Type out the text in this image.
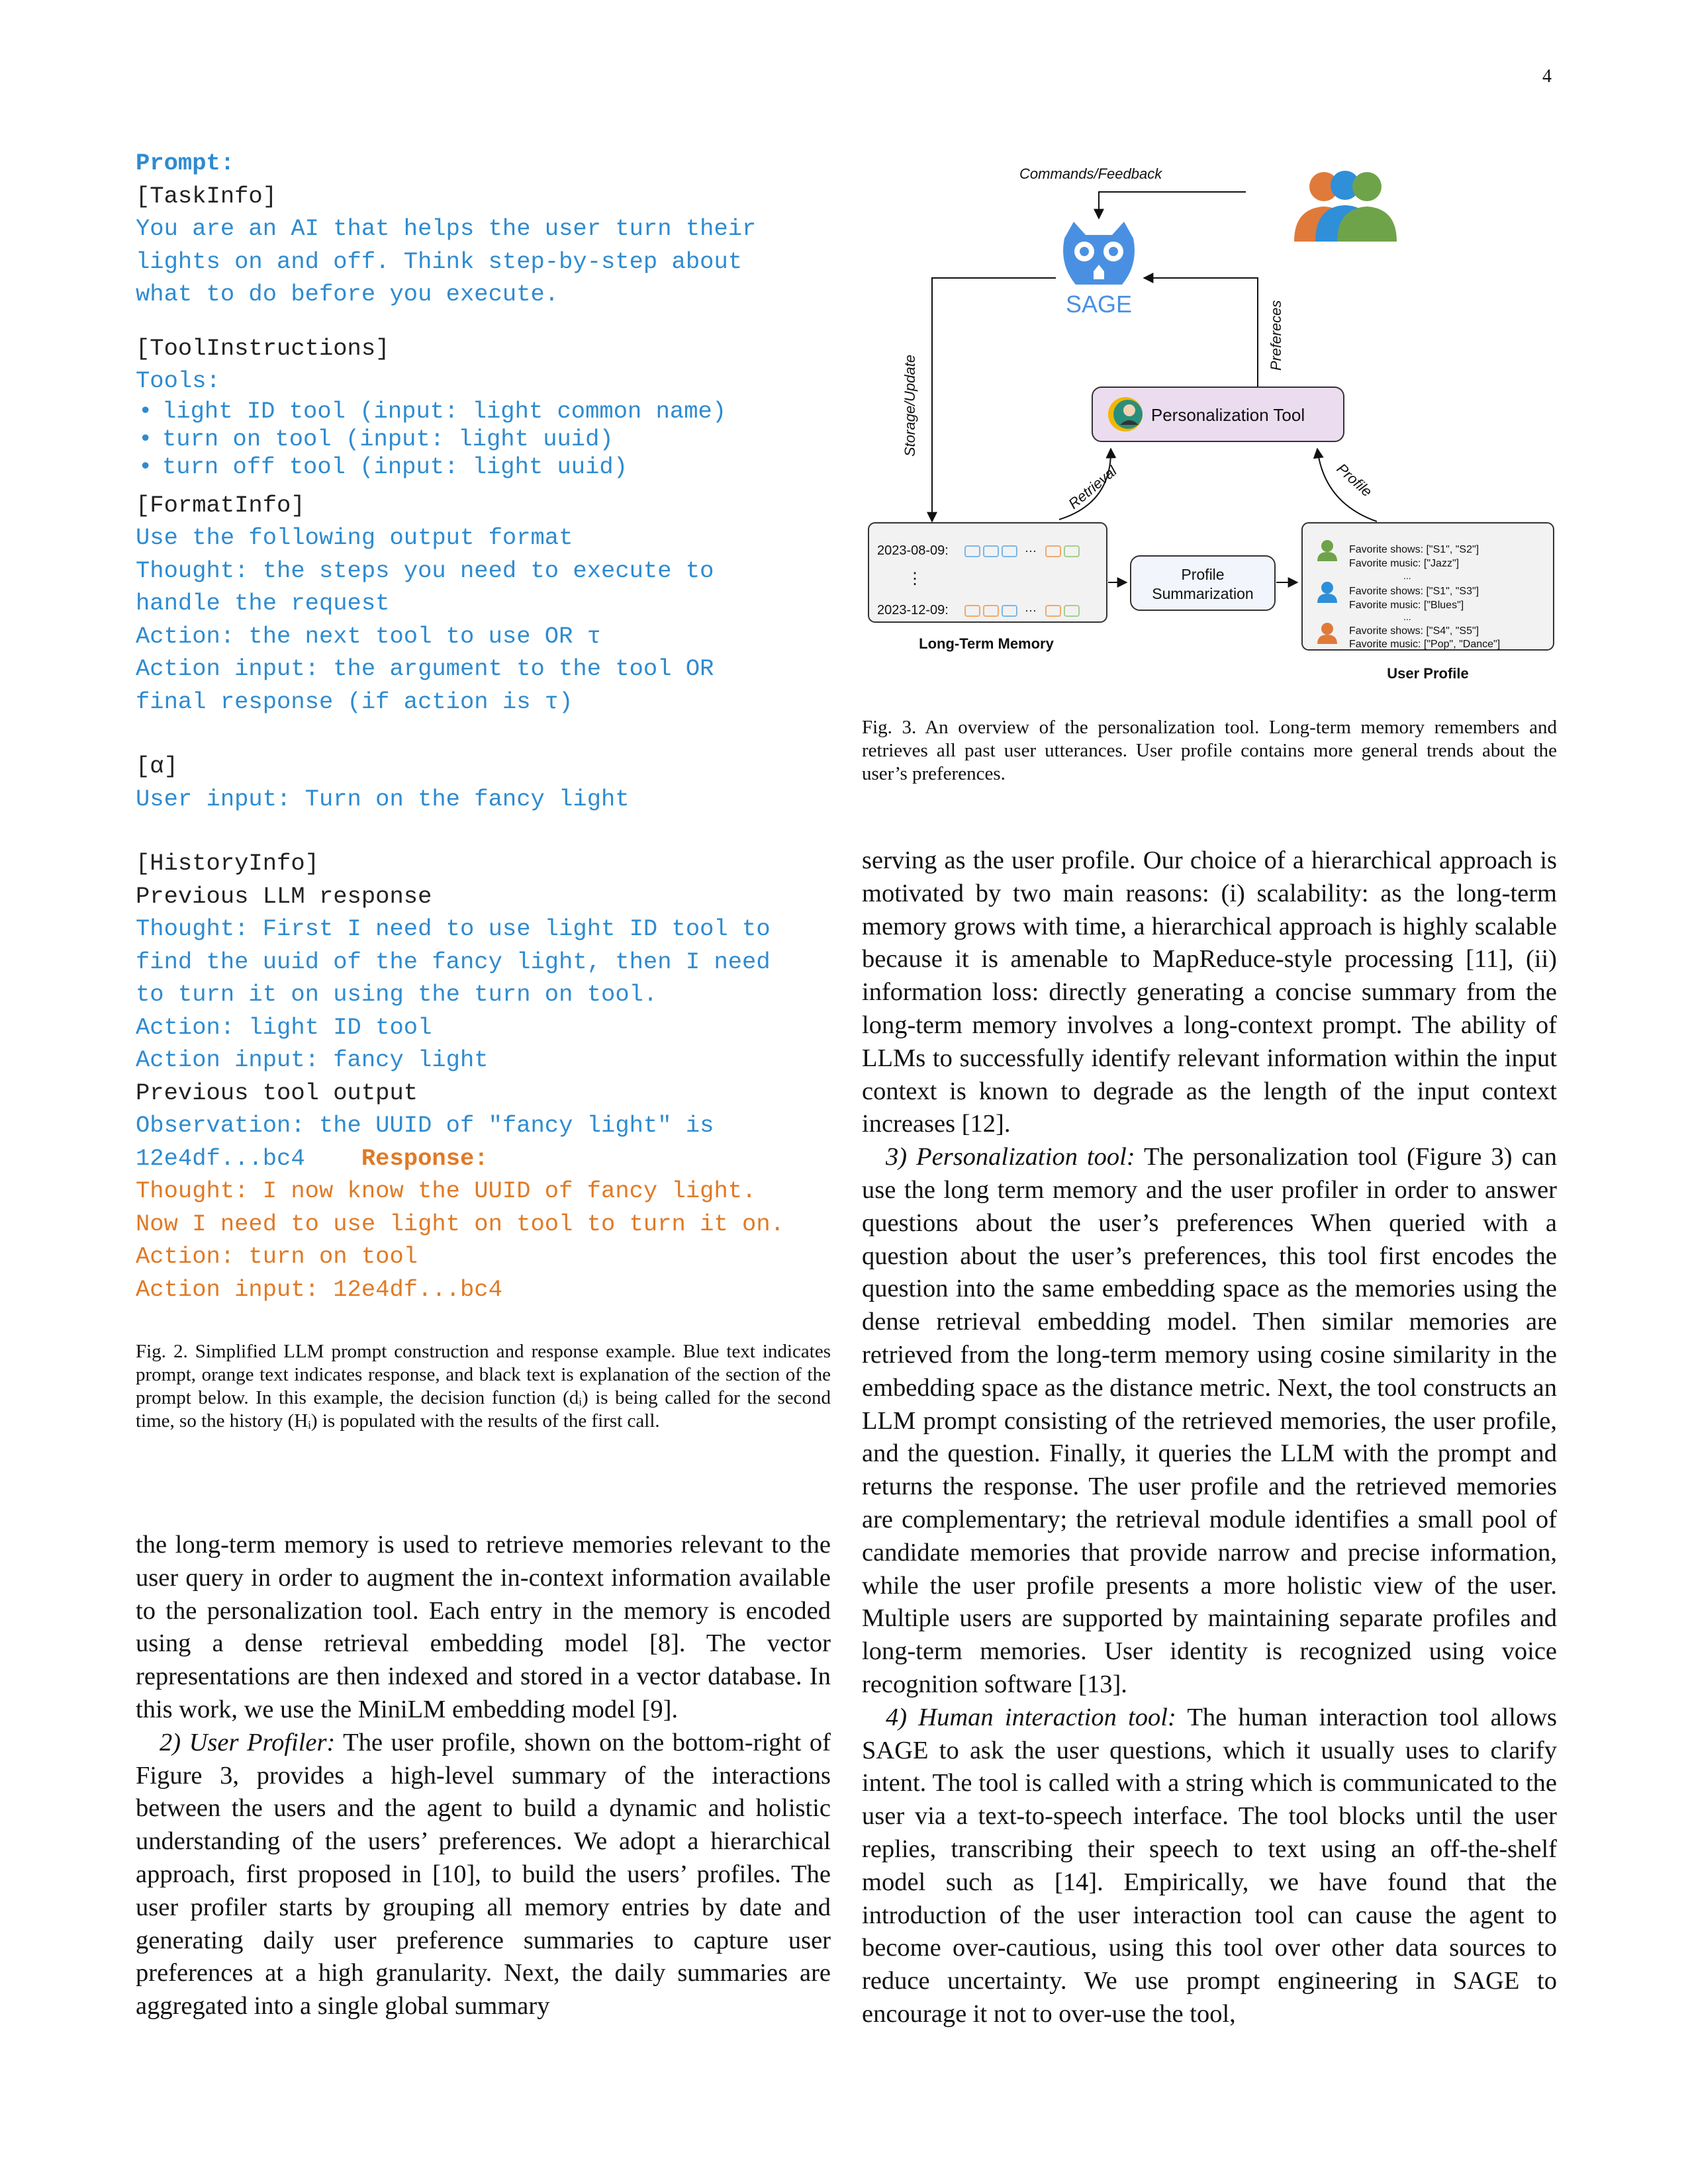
4
Prompt:
[TaskInfo]
You are an AI that helps the user turn their
lights on and off. Think step-by-step about
what to do before you execute.
[ToolInstructions]
Tools:
• light ID tool (input: light common name)
• turn on tool (input: light uuid)
• turn off tool (input: light uuid)
[FormatInfo]
Use the following output format
Thought: the steps you need to execute to
handle the request
Action: the next tool to use OR τ
Action input: the argument to the tool OR
final response (if action is τ)
[α]
User input: Turn on the fancy light
[HistoryInfo]
Previous LLM response
Thought: First I need to use light ID tool to
find the uuid of the fancy light, then I need
to turn it on using the turn on tool.
Action: light ID tool
Action input: fancy light
Previous tool output
Observation: the UUID of "fancy light" is
12e4df...bc4 Response:
Thought: I now know the UUID of fancy light.
Now I need to use light on tool to turn it on.
Action: turn on tool
Action input: 12e4df...bc4
Fig. 2. Simplified LLM prompt construction and response example. Blue text indicates prompt, orange text indicates response, and black text is explanation of the section of the prompt below. In this example, the decision function (dᵢ) is being called for the second time, so the history (Hᵢ) is populated with the results of the first call.

the long-term memory is used to retrieve memories relevant to the user query in order to augment the in-context information available to the personalization tool. Each entry in the memory is encoded using a dense retrieval embedding model [8]. The vector representations are then indexed and stored in a vector database. In this work, we use the MiniLM embedding model [9].

2) User Profiler: The user profile, shown on the bottom-right of Figure 3, provides a high-level summary of the interactions between the users and the agent to build a dynamic and holistic understanding of the users’ preferences. We adopt a hierarchical approach, first proposed in [10], to build the users’ profiles. The user profiler starts by grouping all memory entries by date and generating daily user preference summaries to capture user preferences at a high granularity. Next, the daily summaries are aggregated into a single global summary

Commands/Feedback
SAGE
Storage/Update
Prefereces
Personalization Tool
Retrieval	Profile
2023-08-09:	···
⋮
2023-12-09:	···
Long-Term Memory
Profile
Summarization
Favorite shows: ["S1", "S2"]
Favorite music: ["Jazz"]
...
Favorite shows: ["S1", "S3"]
Favorite music: ["Blues"]
...
Favorite shows: ["S4", "S5"]
Favorite music: ["Pop", "Dance"]
User Profile
Fig. 3. An overview of the personalization tool. Long-term memory remembers and retrieves all past user utterances. User profile contains more general trends about the user’s preferences.

serving as the user profile. Our choice of a hierarchical approach is motivated by two main reasons: (i) scalability: as the long-term memory grows with time, a hierarchical approach is highly scalable because it is amenable to MapReduce-style processing [11], (ii) information loss: directly generating a concise summary from the long-term memory involves a long-context prompt. The ability of LLMs to successfully identify relevant information within the input context is known to degrade as the length of the input context increases [12].

3) Personalization tool: The personalization tool (Figure 3) can use the long term memory and the user profiler in order to answer questions about the user’s preferences When queried with a question about the user’s preferences, this tool first encodes the question into the same embedding space as the memories using the dense retrieval embedding model. Then similar memories are retrieved from the long-term memory using cosine similarity in the embedding space as the distance metric. Next, the tool constructs an LLM prompt consisting of the retrieved memories, the user profile, and the question. Finally, it queries the LLM with the prompt and returns the response. The user profile and the retrieved memories are complementary; the retrieval module identifies a small pool of candidate memories that provide narrow and precise information, while the user profile presents a more holistic view of the user. Multiple users are supported by maintaining separate profiles and long-term memories. User identity is recognized using voice recognition software [13].

4) Human interaction tool: The human interaction tool allows SAGE to ask the user questions, which it usually uses to clarify intent. The tool is called with a string which is communicated to the user via a text-to-speech interface. The tool blocks until the user replies, transcribing their speech to text using an off-the-shelf model such as [14]. Empirically, we have found that the introduction of the user interaction tool can cause the agent to become over-cautious, using this tool over other data sources to reduce uncertainty. We use prompt engineering in SAGE to encourage it not to over-use the tool,
